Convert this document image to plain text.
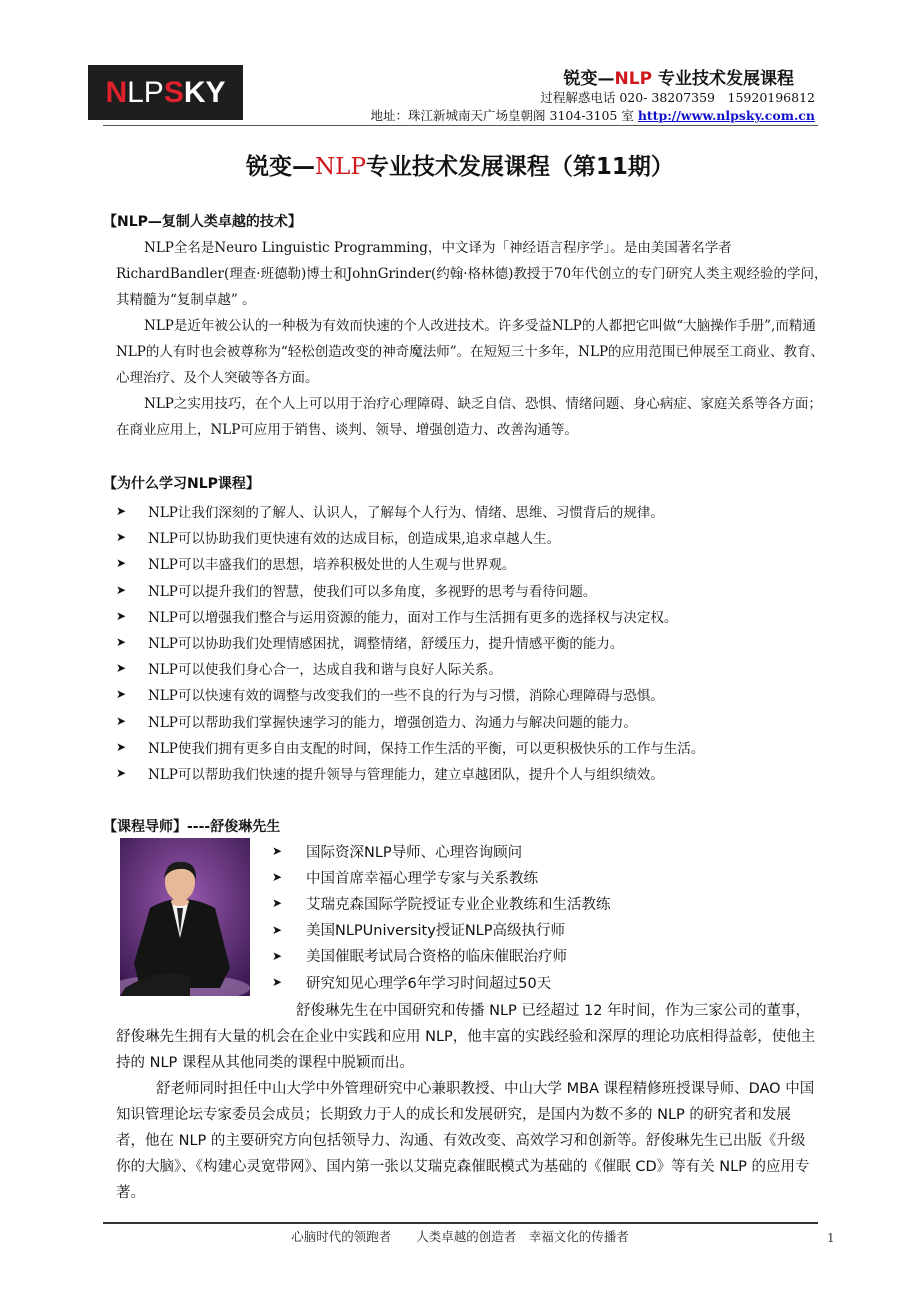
N LP S KY	锐变—NLP 专业技术发展课程
过程解惑电话 020- 38207359　15920196812
地址：珠江新城南天广场皇朝阁 3104-3105 室 http://www.nlpsky.com.cn
锐变—NLP专业技术发展课程（第11期）
【NLP—复制人类卓越的技术】
NLP全名是Neuro Linguistic Programming，中文译为「神经语言程序学」。是由美国著名学者RichardBandler(理查·班德勒)博士和JohnGrinder(约翰·格林德)教授于70年代创立的专门研究人类主观经验的学问，其精髓为“复制卓越” 。
NLP是近年被公认的一种极为有效而快速的个人改进技术。许多受益NLP的人都把它叫做“大脑操作手册”,而精通NLP的人有时也会被尊称为“轻松创造改变的神奇魔法师”。在短短三十多年，NLP的应用范围已伸展至工商业、教育、心理治疗、及个人突破等各方面。
NLP之实用技巧，在个人上可以用于治疗心理障碍、缺乏自信、恐惧、情绪问题、身心病症、家庭关系等各方面；在商业应用上，NLP可应用于销售、谈判、领导、增强创造力、改善沟通等。
【为什么学习NLP课程】
➤	NLP让我们深刻的了解人、认识人，了解每个人行为、情绪、思维、习惯背后的规律。
➤	NLP可以协助我们更快速有效的达成目标，创造成果,追求卓越人生。
➤	NLP可以丰盛我们的思想，培养积极处世的人生观与世界观。
➤	NLP可以提升我们的智慧，使我们可以多角度，多视野的思考与看待问题。
➤	NLP可以增强我们整合与运用资源的能力，面对工作与生活拥有更多的选择权与决定权。
➤	NLP可以协助我们处理情感困扰，调整情绪，舒缓压力，提升情感平衡的能力。
➤	NLP可以使我们身心合一，达成自我和谐与良好人际关系。
➤	NLP可以快速有效的调整与改变我们的一些不良的行为与习惯，消除心理障碍与恐惧。
➤	NLP可以帮助我们掌握快速学习的能力，增强创造力、沟通力与解决问题的能力。
➤	NLP使我们拥有更多自由支配的时间，保持工作生活的平衡，可以更积极快乐的工作与生活。
➤	NLP可以帮助我们快速的提升领导与管理能力，建立卓越团队，提升个人与组织绩效。
【课程导师】----舒俊琳先生
➤	国际资深NLP导师、心理咨询顾问
➤	中国首席幸福心理学专家与关系教练
➤	艾瑞克森国际学院授证专业企业教练和生活教练
➤	美国NLPUniversity授证NLP高级执行师
➤	美国催眠考试局合资格的临床催眠治疗师
➤	研究知见心理学6年学习时间超过50天
舒俊琳先生在中国研究和传播 NLP 已经超过 12 年时间，作为三家公司的董事，舒俊琳先生拥有大量的机会在企业中实践和应用 NLP，他丰富的实践经验和深厚的理论功底相得益彰，使他主持的 NLP 课程从其他同类的课程中脱颖而出。
舒老师同时担任中山大学中外管理研究中心兼职教授、中山大学 MBA 课程精修班授课导师、DAO 中国知识管理论坛专家委员会成员；长期致力于人的成长和发展研究，是国内为数不多的 NLP 的研究者和发展者，他在 NLP 的主要研究方向包括领导力、沟通、有效改变、高效学习和创新等。舒俊琳先生已出版《升级你的大脑》、《构建心灵宽带网》、国内第一张以艾瑞克森催眠模式为基础的《催眠 CD》等有关 NLP 的应用专著。
心脑时代的领跑者　　人类卓越的创造者　幸福文化的传播者	1
